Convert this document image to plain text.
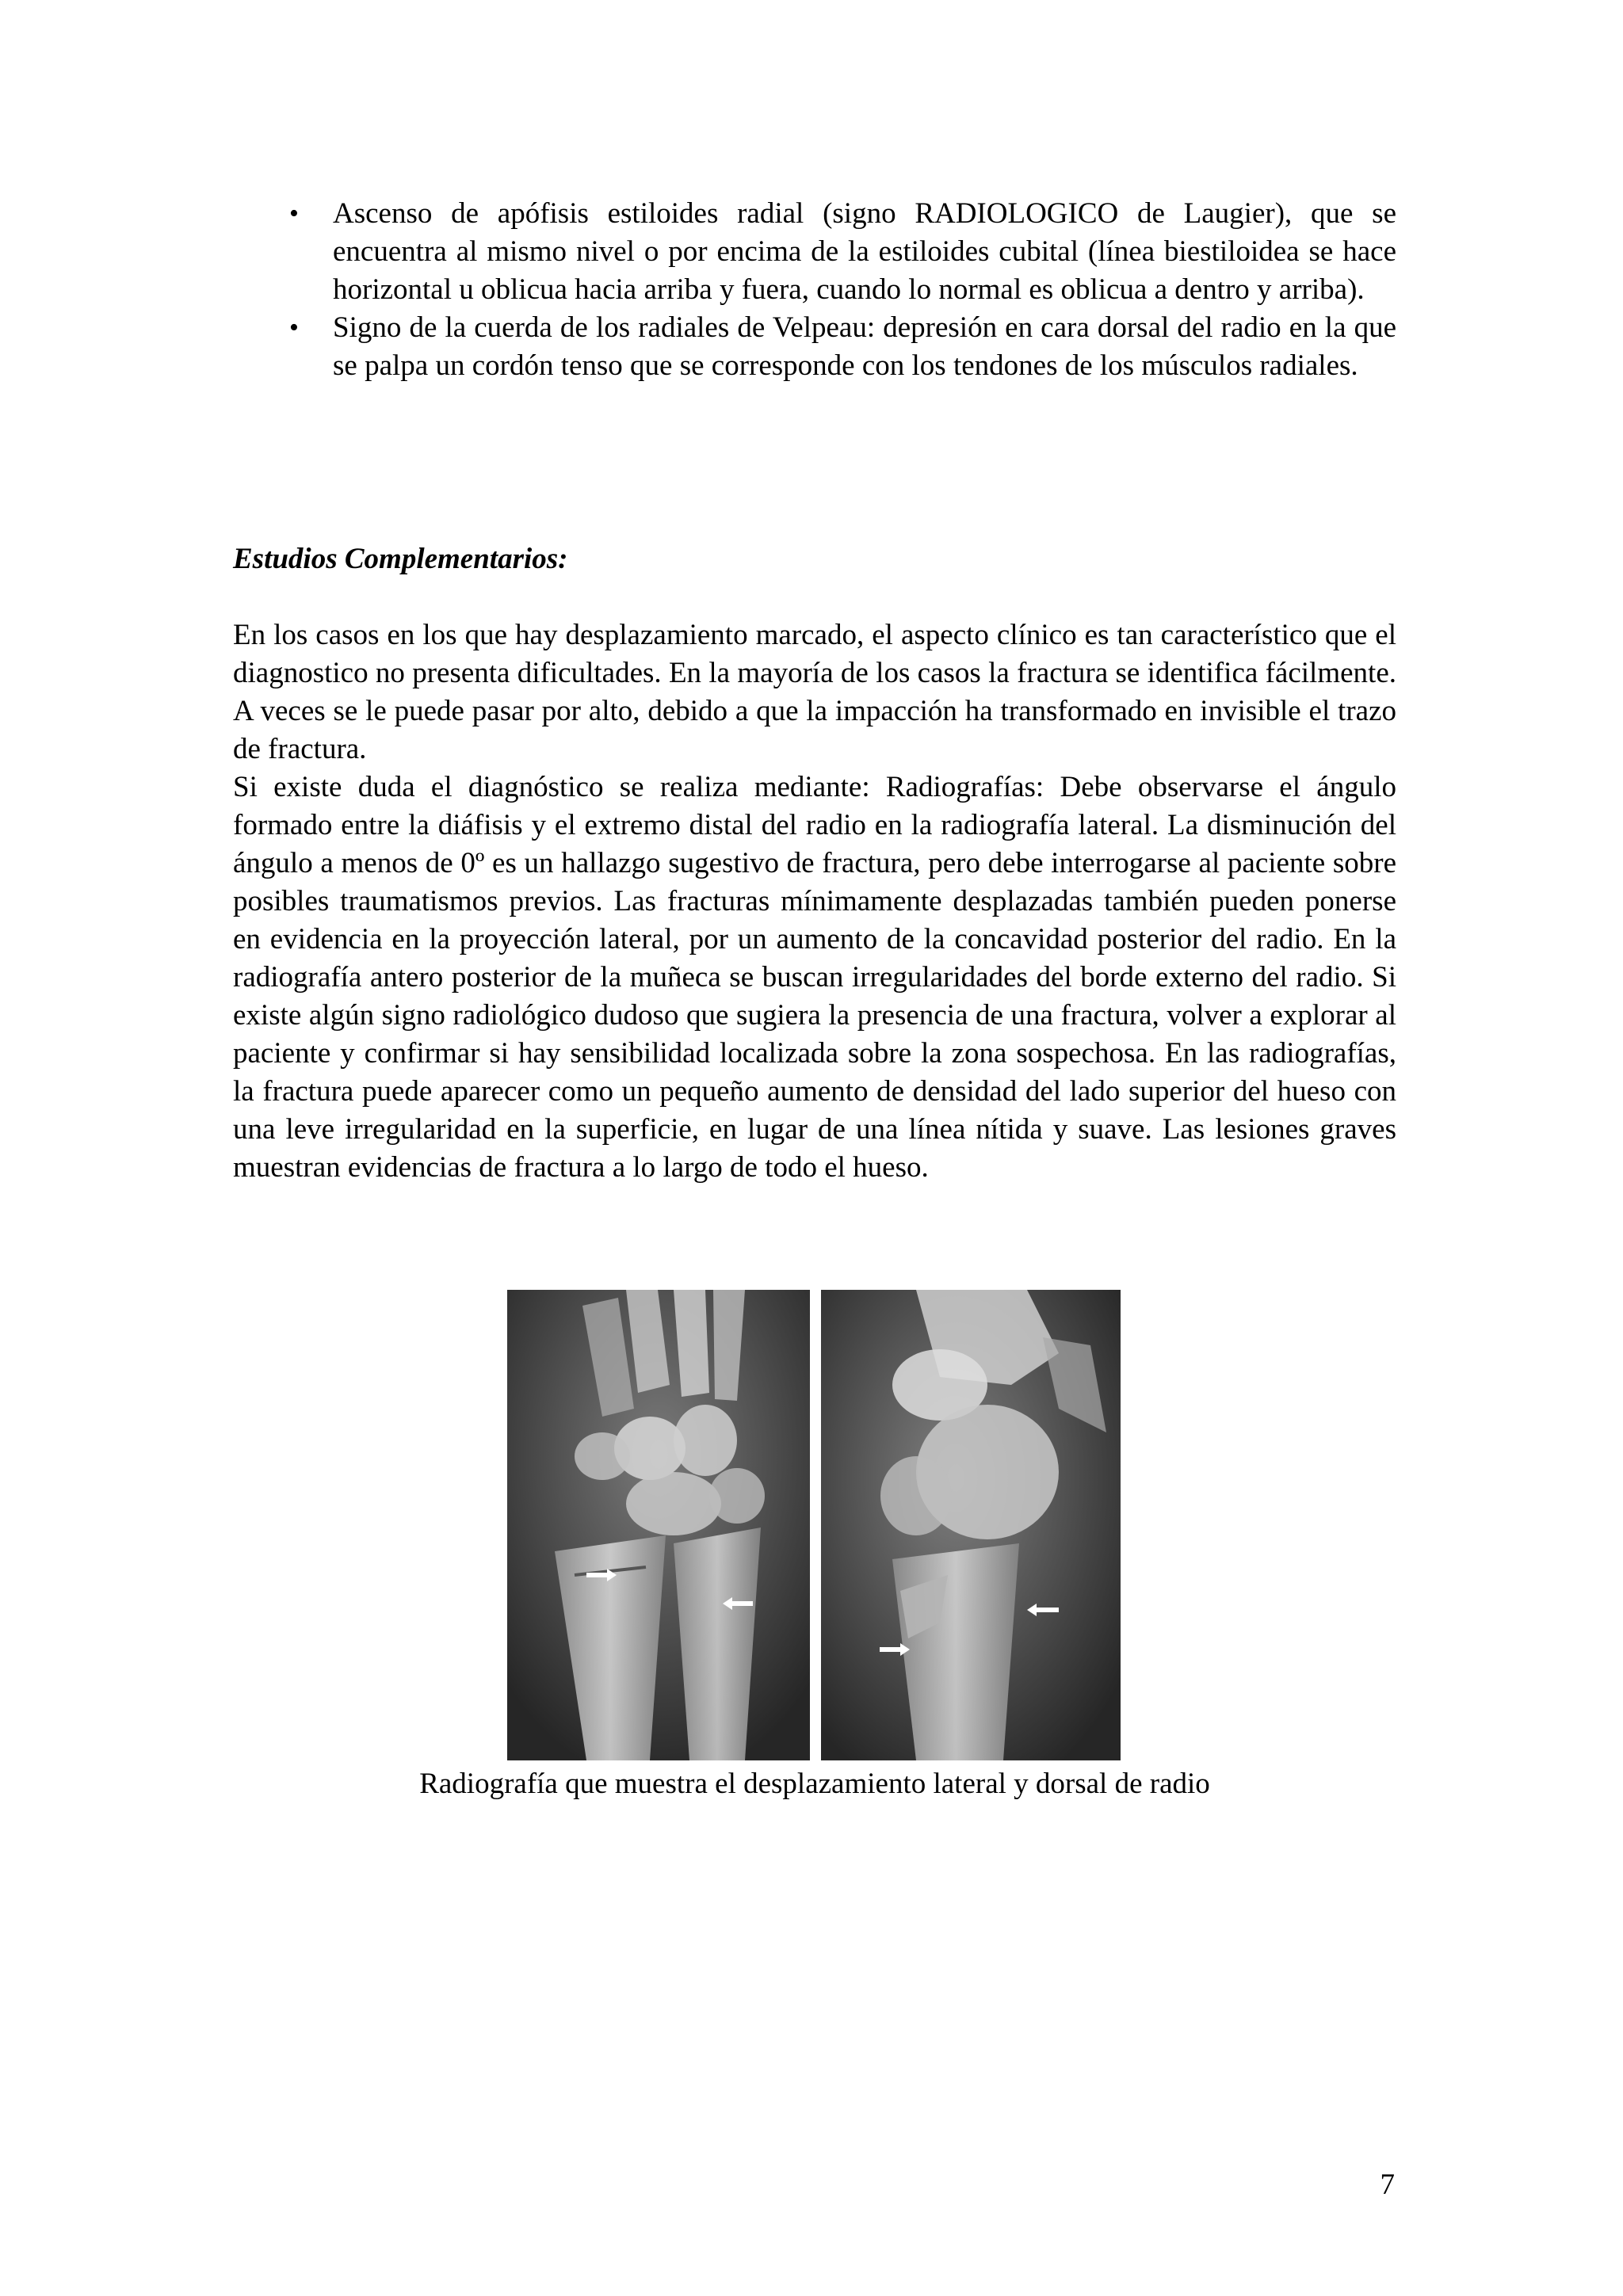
• Ascenso de apófisis estiloides radial (signo RADIOLOGICO de Laugier), que se encuentra al mismo nivel o por encima de la estiloides cubital (línea biestiloidea se hace horizontal u oblicua hacia arriba y fuera, cuando lo normal es oblicua a dentro y arriba).
• Signo de la cuerda de los radiales de Velpeau: depresión en cara dorsal del radio en la que se palpa un cordón tenso que se corresponde con los tendones de los músculos radiales.
Estudios Complementarios:

En los casos en los que hay desplazamiento marcado, el aspecto clínico es tan característico que el diagnostico no presenta dificultades. En la mayoría de los casos la fractura se identifica fácilmente. A veces se le puede pasar por alto, debido a que la impacción ha transformado en invisible el trazo de fractura.

Si existe duda el diagnóstico se realiza mediante: Radiografías: Debe observarse el ángulo formado entre la diáfisis y el extremo distal del radio en la radiografía lateral. La disminución del ángulo a menos de 0º es un hallazgo sugestivo de fractura, pero debe interrogarse al paciente sobre posibles traumatismos previos. Las fracturas mínimamente desplazadas también pueden ponerse en evidencia en la proyección lateral, por un aumento de la concavidad posterior del radio. En la radiografía antero posterior de la muñeca se buscan irregularidades del borde externo del radio. Si existe algún signo radiológico dudoso que sugiera la presencia de una fractura, volver a explorar al paciente y confirmar si hay sensibilidad localizada sobre la zona sospechosa. En las radiografías, la fractura puede aparecer como un pequeño aumento de densidad del lado superior del hueso con una leve irregularidad en la superficie, en lugar de una línea nítida y suave. Las lesiones graves muestran evidencias de fractura a lo largo de todo el hueso.

Radiografía que muestra el desplazamiento lateral y dorsal de radio
7
